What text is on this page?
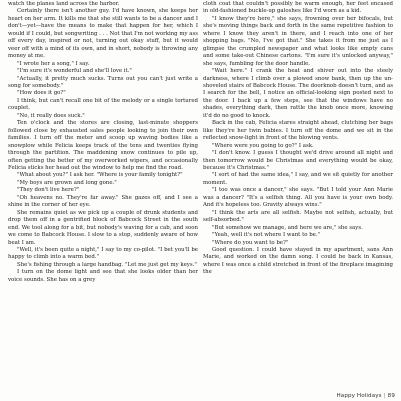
watch the planes land across the harbor.

Certainly there isn't another guy. I'd have known, she keeps her heart on her arm. It kills me that she still wants to be a dancer and I don't—yet—have the means to make that happen for her, which I would if I could, but songwriting . . . Not that I'm not working my ass off every day, inspired or not, turning out okay stuff, but it would veer off with a mind of its own, and in short, nobody is throwing any money at me.

"I wrote her a song," I say.

"I'm sure it's wonderful and she'll love it."

"Actually, it pretty much sucks. Turns out you can't just write a song for somebody."

"How does it go?"

I think, but can't recall one bit of the melody or a single tortured couplet.

"No, it really does suck."

Ten o'clock and the stores are closing, last-minute shoppers followed close by exhausted sales people looking to join their own families. I turn off the meter and scoop up waving bodies like a snowplow while Felicia keeps track of the tens and twenties flying through the partition. The maddening snow continues to pile up, often getting the better of my overworked wipers, and occasionally Felicia sticks her head out the window to help me find the road.

"What about you?" I ask her. "Where is your family tonight?"

"My boys are grown and long gone."

"They don't live here?"

"Oh heavens no. They're far away." She gazes off, and I see a shine in the corner of her eye.

She remains quiet as we pick up a couple of drunk students and drop them off in a gentrified block of Babcock Street in the south end. We tool along for a bit, but nobody's waving for a cab, and soon we come to Babcock House. I slow to a stop, suddenly aware of how beat I am.

"Well, it's been quite a night," I say to my co-pilot. "I bet you'll be happy to climb into a warm bed."

She's fishing through a large handbag. "Let me just get my keys."

I turn on the dome light and see that she looks older than her voice sounds. She has on a grey

cloth coat that couldn't possibly be warm enough, her feet encased in old-fashioned buckle-up galoshes like I'd worn as a kid.

"I know they're here," she says, frowning over her bifocals, but she's moving things back and forth in the same repetitive fashion to where I know they aren't in there, and I reach into one of her shopping bags. "No, I've got that." She takes it from me just as I glimpse the crumpled newspaper and what looks like empty cans and some take-out Chinese cartons. "I'm sure it's unlocked anyway," she says, fumbling for the door handle.

"Wait here." I crank the heat and shiver out into the steely darkness, where I climb over a plowed snow bank, then up the un-shoveled stairs of Babcock House. The doorknob doesn't turn, and as I search for the bell, I notice an official-looking sign posted next to the door. I back up a few steps, see that the windows have no shades, everything dark, then rattle the knob once more, knowing it'd do no good to knock.

Back in the cab, Felicia stares straight ahead, clutching her bags like they're her twin babies. I turn off the dome and we sit in the reflected snow-light in front of the blowing vents.

"Where were you going to go?" I ask.

"I don't know. I guess I thought we'd drive around all night and then tomorrow would be Christmas and everything would be okay, because it's Christmas."

"I sort of had the same idea," I say, and we sit quietly for another moment.

"I too was once a dancer," she says. "But I told your Ann Marie was a dancer? "It's a selfish thing. All you have is your own body. And it's hopeless too. Gravity always wins."

"I think the arts are all selfish. Maybe not selfish, actually, but self-absorbed."

"But somehow we manage, and here we are," she says.

"Yeah, well it's not where I want to be."

"Where do you want to be?"

Good question. I could have stayed in my apartment, sans Ann Marie, and worked on the damn song. I could be back in Kansas, where I was once a child stretched in front of the fireplace imagining the

Happy Holidays | 89
